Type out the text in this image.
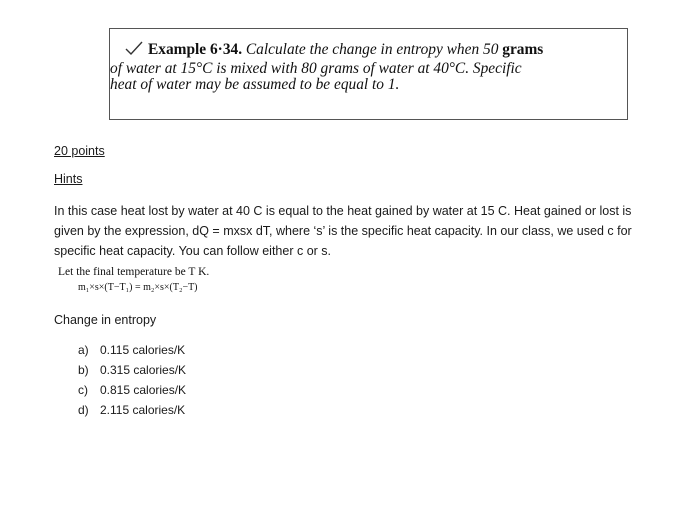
Example 6·34. Calculate the change in entropy when 50 grams
of water at 15°C is mixed with 80 grams of water at 40°C. Specific
heat of water may be assumed to be equal to 1.
20 points
Hints
In this case heat lost by water at 40 C is equal to the heat gained by water at 15 C. Heat gained or lost is
given by the expression, dQ = mxsx dT, where ‘s’ is the specific heat capacity. In our class, we used c for
specific heat capacity. You can follow either c or s.
Let the final temperature be T K.
m₁×s×(T−T₁) = m₂×s×(T₂−T)
Change in entropy
a) 0.115 calories/K
b) 0.315 calories/K
c) 0.815 calories/K
d) 2.115 calories/K
